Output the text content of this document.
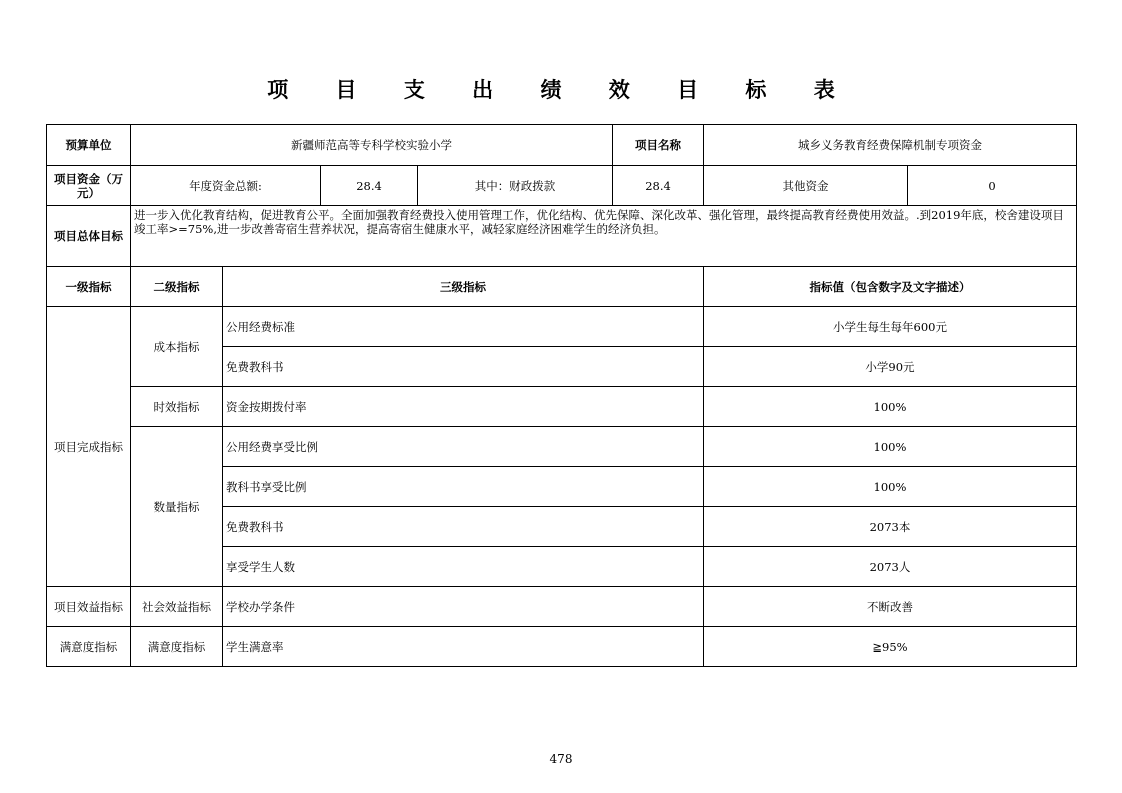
项 目 支 出 绩 效 目 标 表
预算单位	新疆师范高等专科学校实验小学				项目名称	城乡义务教育经费保障机制专项资金	
项目资金（万元）	年度资金总额:		28.4	其中：财政拨款	28.4	其他资金	0
项目总体目标	进一步入优化教育结构，促进教育公平。全面加强教育经费投入使用管理工作，优化结构、优先保障、深化改革、强化管理，最终提高教育经费使用效益。.到2019年底，校舍建设项目竣工率>=75%,进一步改善寄宿生营养状况，提高寄宿生健康水平，减轻家庭经济困难学生的经济负担。						
一级指标	二级指标	三级指标				指标值（包含数字及文字描述）	
项目完成指标	成本指标	公用经费标准				小学生每生每年600元	
		免费教科书				小学90元	
	时效指标	资金按期拨付率				100%	
	数量指标	公用经费享受比例				100%	
		教科书享受比例				100%	
		免费教科书				2073本	
		享受学生人数				2073人	
项目效益指标	社会效益指标	学校办学条件				不断改善	
满意度指标	满意度指标	学生满意率				≧95%	
478
